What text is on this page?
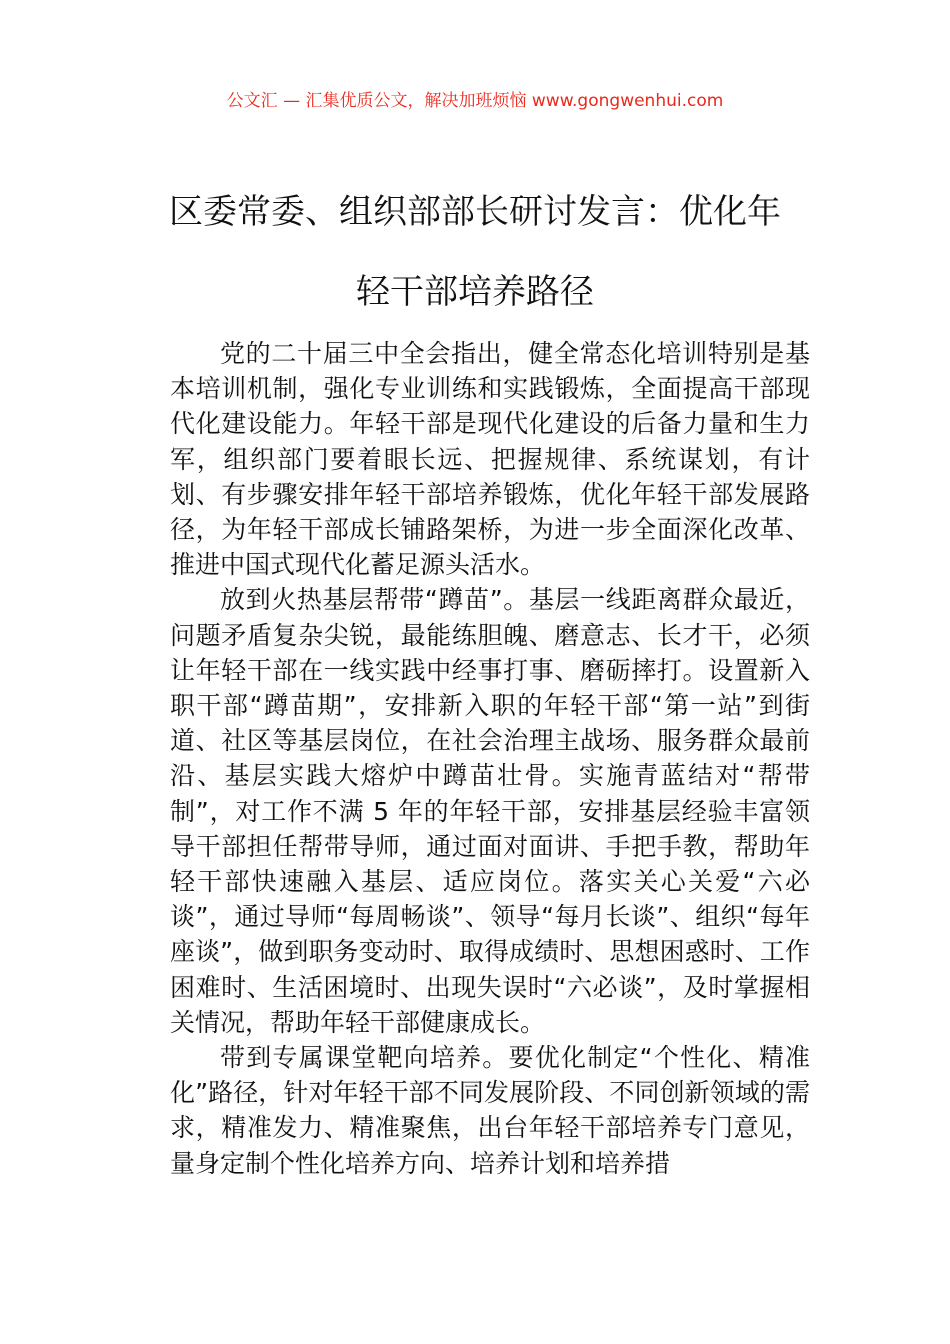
公文汇 — 汇集优质公文，解决加班烦恼 www.gongwenhui.com
区委常委、组织部部长研讨发言：优化年
轻干部培养路径

党的二十届三中全会指出，健全常态化培训特别是基本培训机制，强化专业训练和实践锻炼，全面提高干部现代化建设能力。年轻干部是现代化建设的后备力量和生力军，组织部门要着眼长远、把握规律、系统谋划，有计划、有步骤安排年轻干部培养锻炼，优化年轻干部发展路径，为年轻干部成长铺路架桥，为进一步全面深化改革、推进中国式现代化蓄足源头活水。

放到火热基层帮带“蹲苗”。基层一线距离群众最近，问题矛盾复杂尖锐，最能练胆魄、磨意志、长才干，必须让年轻干部在一线实践中经事打事、磨砺摔打。设置新入职干部“蹲苗期”，安排新入职的年轻干部“第一站”到街道、社区等基层岗位，在社会治理主战场、服务群众最前沿、基层实践大熔炉中蹲苗壮骨。实施青蓝结对“帮带制”，对工作不满 5 年的年轻干部，安排基层经验丰富领导干部担任帮带导师，通过面对面讲、手把手教，帮助年轻干部快速融入基层、适应岗位。落实关心关爱“六必谈”，通过导师“每周畅谈”、领导“每月长谈”、组织“每年座谈”，做到职务变动时、取得成绩时、思想困惑时、工作困难时、生活困境时、出现失误时“六必谈”，及时掌握相关情况，帮助年轻干部健康成长。

带到专属课堂靶向培养。要优化制定“个性化、精准化”路径，针对年轻干部不同发展阶段、不同创新领域的需求，精准发力、精准聚焦，出台年轻干部培养专门意见，量身定制个性化培养方向、培养计划和培养措
